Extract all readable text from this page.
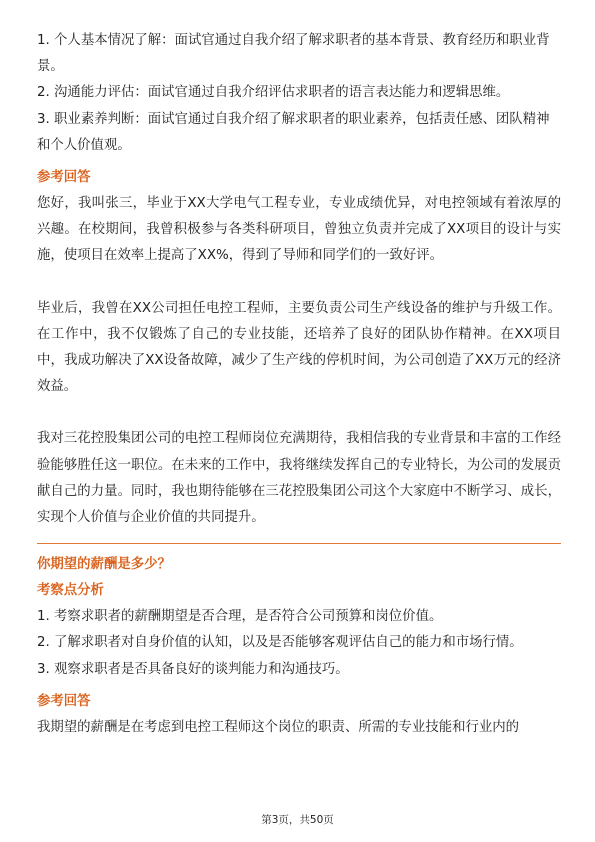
1. 个人基本情况了解：面试官通过自我介绍了解求职者的基本背景、教育经历和职业背景。

2. 沟通能力评估：面试官通过自我介绍评估求职者的语言表达能力和逻辑思维。

3. 职业素养判断：面试官通过自我介绍了解求职者的职业素养，包括责任感、团队精神和个人价值观。

参考回答

您好，我叫张三，毕业于XX大学电气工程专业，专业成绩优异，对电控领域有着浓厚的兴趣。在校期间，我曾积极参与各类科研项目，曾独立负责并完成了XX项目的设计与实施，使项目在效率上提高了XX%，得到了导师和同学们的一致好评。

毕业后，我曾在XX公司担任电控工程师，主要负责公司生产线设备的维护与升级工作。在工作中，我不仅锻炼了自己的专业技能，还培养了良好的团队协作精神。在XX项目中，我成功解决了XX设备故障，减少了生产线的停机时间，为公司创造了XX万元的经济效益。

我对三花控股集团公司的电控工程师岗位充满期待，我相信我的专业背景和丰富的工作经验能够胜任这一职位。在未来的工作中，我将继续发挥自己的专业特长，为公司的发展贡献自己的力量。同时，我也期待能够在三花控股集团公司这个大家庭中不断学习、成长，实现个人价值与企业价值的共同提升。

你期望的薪酬是多少？

考察点分析

1. 考察求职者的薪酬期望是否合理，是否符合公司预算和岗位价值。

2. 了解求职者对自身价值的认知，以及是否能够客观评估自己的能力和市场行情。

3. 观察求职者是否具备良好的谈判能力和沟通技巧。

参考回答

我期望的薪酬是在考虑到电控工程师这个岗位的职责、所需的专业技能和行业内的

第3页，共50页
